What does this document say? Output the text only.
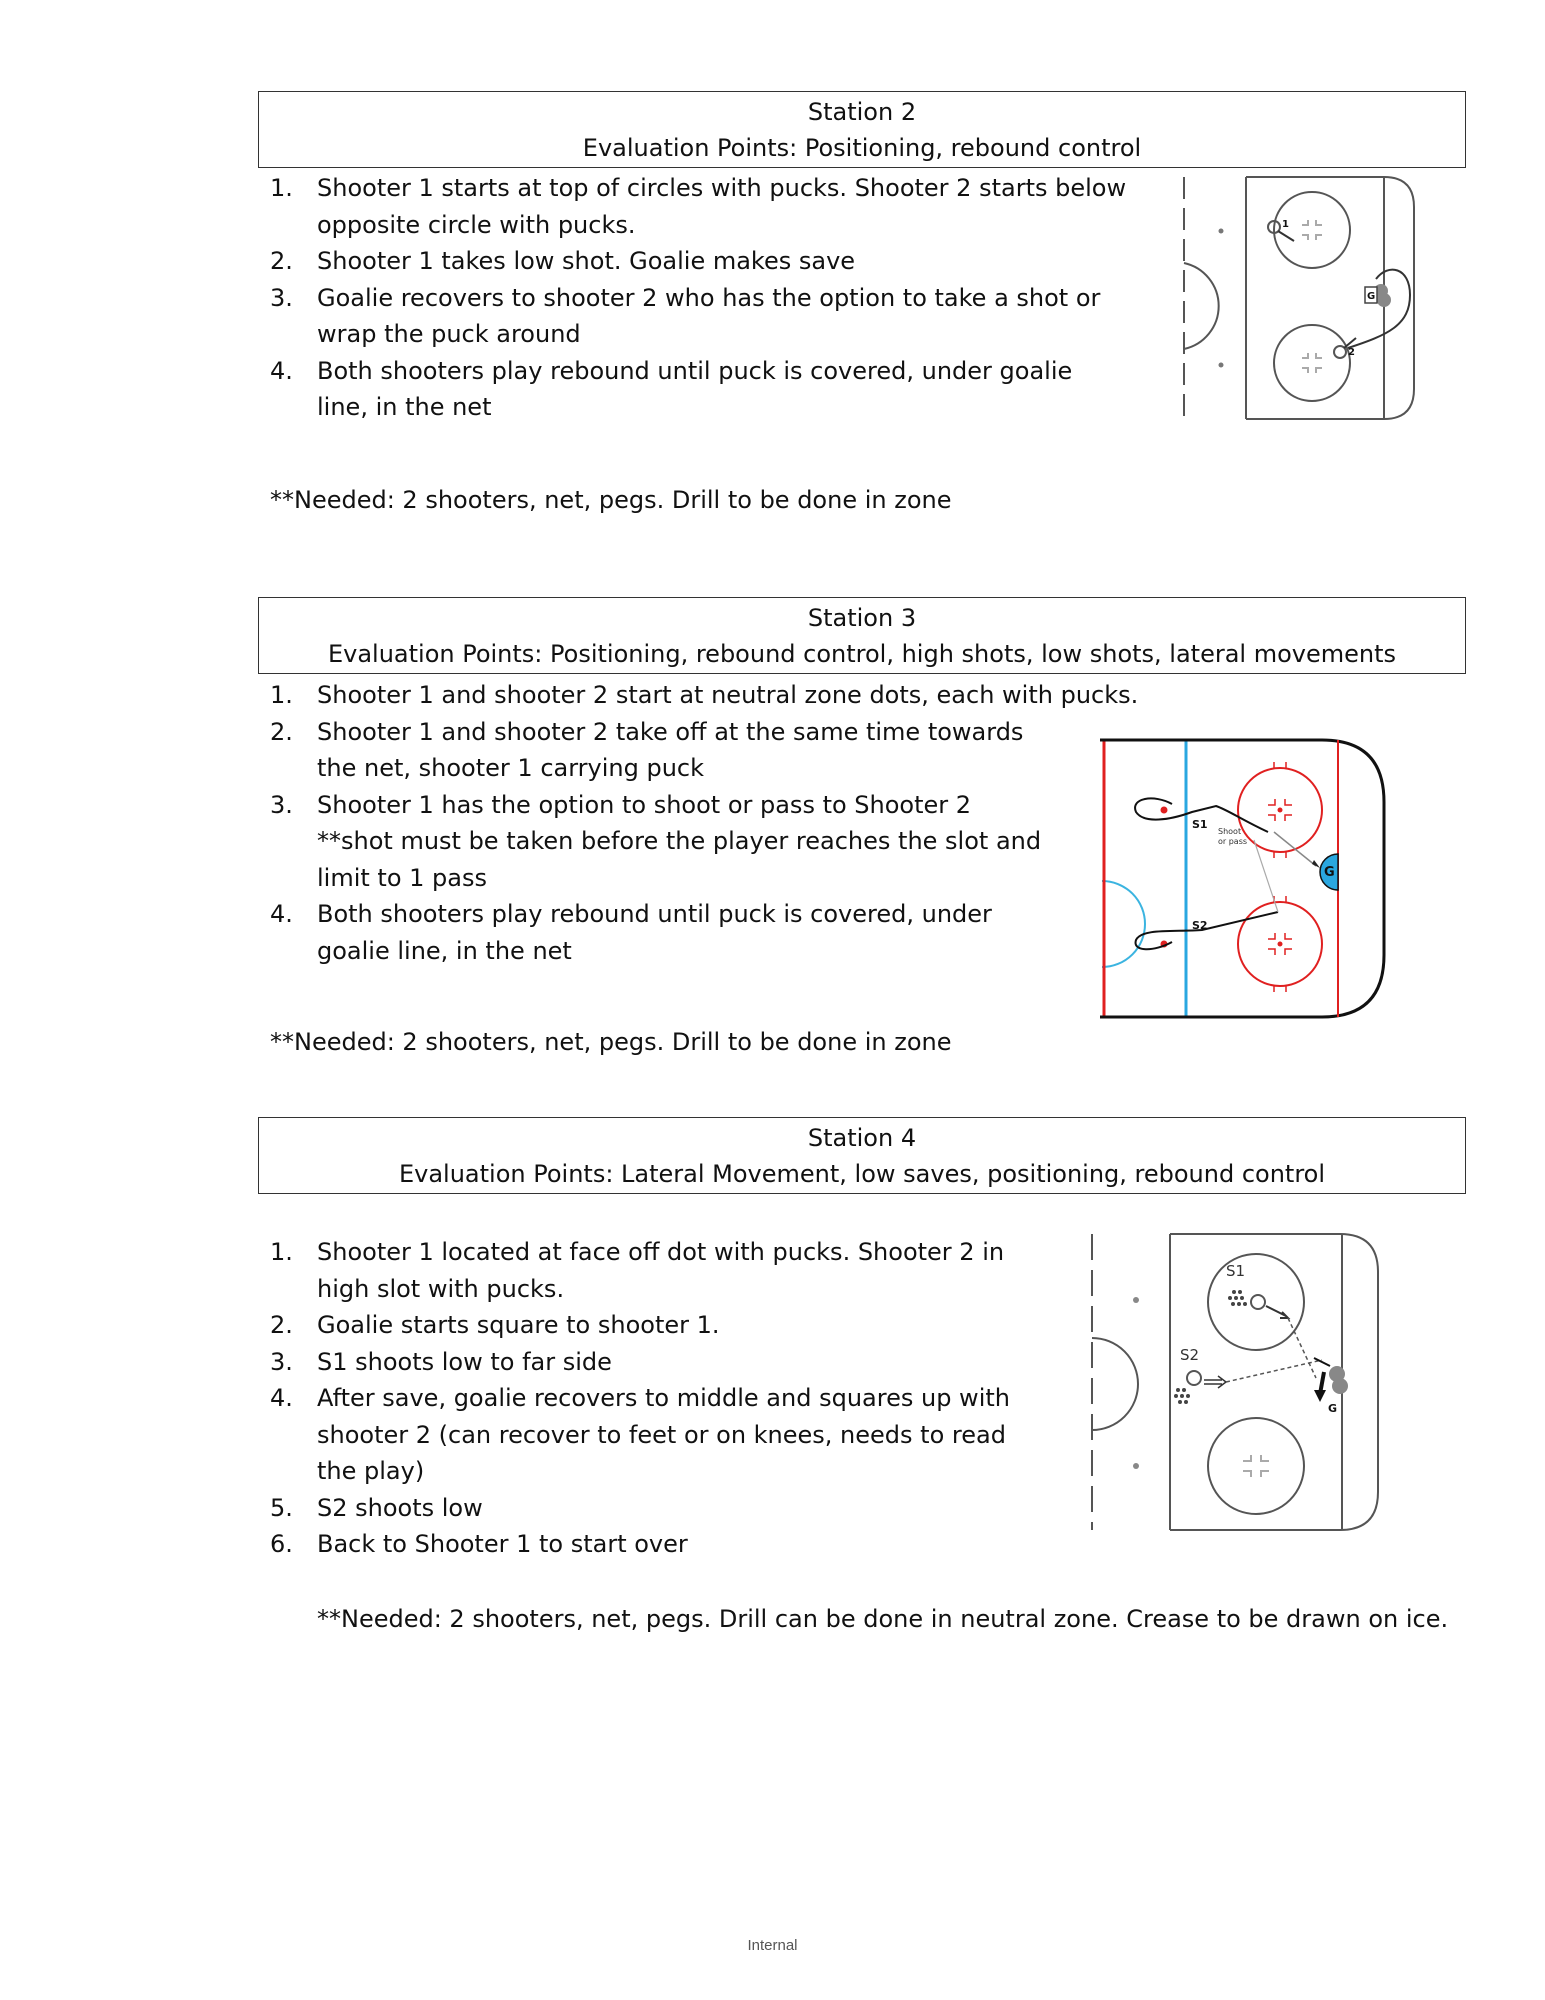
Station 2
Evaluation Points: Positioning, rebound control
1. Shooter 1 starts at top of circles with pucks. Shooter 2 starts below opposite circle with pucks.
2. Shooter 1 takes low shot. Goalie makes save
3. Goalie recovers to shooter 2 who has the option to take a shot or wrap the puck around
4. Both shooters play rebound until puck is covered, under goalie line, in the net
**Needed: 2 shooters, net, pegs. Drill to be done in zone
1
2
G
Station 3
Evaluation Points: Positioning, rebound control, high shots, low shots, lateral movements
1. Shooter 1 and shooter 2 start at neutral zone dots, each with pucks.
2. Shooter 1 and shooter 2 take off at the same time towards the net, shooter 1 carrying puck
3. Shooter 1 has the option to shoot or pass to Shooter 2 **shot must be taken before the player reaches the slot and limit to 1 pass
4. Both shooters play rebound until puck is covered, under goalie line, in the net
**Needed: 2 shooters, net, pegs. Drill to be done in zone
S1
S2
G
Shoot
or pass
Station 4
Evaluation Points: Lateral Movement, low saves, positioning, rebound control
1. Shooter 1 located at face off dot with pucks. Shooter 2 in high slot with pucks.
2. Goalie starts square to shooter 1.
3. S1 shoots low to far side
4. After save, goalie recovers to middle and squares up with shooter 2 (can recover to feet or on knees, needs to read the play)
5. S2 shoots low
6. Back to Shooter 1 to start over
**Needed: 2 shooters, net, pegs. Drill can be done in neutral zone. Crease to be drawn on ice.
S1
S2
G
Internal
